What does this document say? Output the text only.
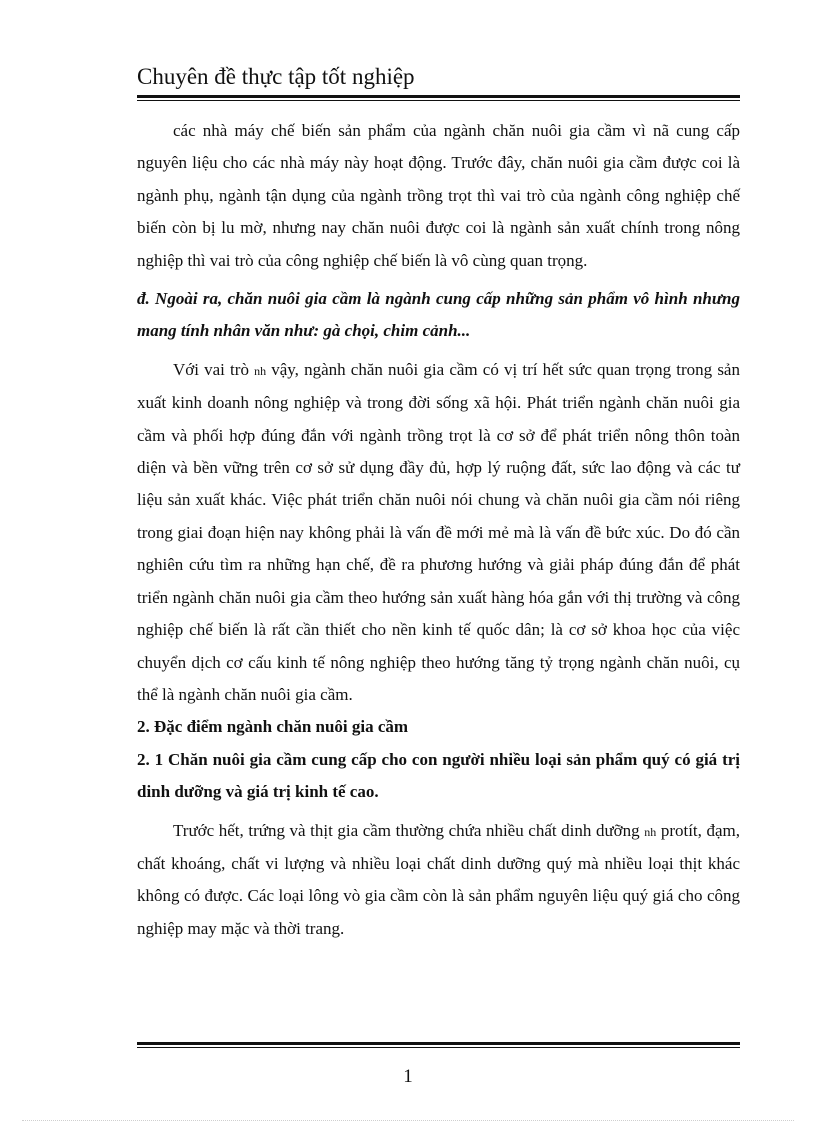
Chuyên đề thực tập tốt nghiệp

các nhà máy chế biến sản phẩm của ngành chăn nuôi gia cầm vì nã cung cấp nguyên liệu cho các nhà máy này hoạt động. Trước đây, chăn nuôi gia cầm được coi là ngành phụ, ngành tận dụng của ngành trồng trọt thì vai trò của ngành công nghiệp chế biến còn bị lu mờ, nhưng nay chăn nuôi được coi là ngành sản xuất chính trong nông nghiệp thì vai trò của công nghiệp chế biến là vô cùng quan trọng.

đ. Ngoài ra, chăn nuôi gia cầm là ngành cung cấp những sản phẩm vô hình nhưng mang tính nhân văn như: gà chọi, chim cảnh...

Với vai trò nh vậy, ngành chăn nuôi gia cầm có vị trí hết sức quan trọng trong sản xuất kinh doanh nông nghiệp và trong đời sống xã hội. Phát triển ngành chăn nuôi gia cầm và phối hợp đúng đắn với ngành trồng trọt là cơ sở để phát triển nông thôn toàn diện và bền vững trên cơ sở sử dụng đầy đủ, hợp lý ruộng đất, sức lao động và các tư liệu sản xuất khác. Việc phát triển chăn nuôi nói chung và chăn nuôi gia cầm nói riêng trong giai đoạn hiện nay không phải là vấn đề mới mẻ mà là vấn đề bức xúc. Do đó cần nghiên cứu tìm ra những hạn chế, đề ra phương hướng và giải pháp đúng đắn để phát triển ngành chăn nuôi gia cầm theo hướng sản xuất hàng hóa gắn với thị trường và công nghiệp chế biến là rất cần thiết cho nền kinh tế quốc dân; là cơ sở khoa học của việc chuyển dịch cơ cấu kinh tế nông nghiệp theo hướng tăng tỷ trọng ngành chăn nuôi, cụ thể là ngành chăn nuôi gia cầm.

2. Đặc điểm ngành chăn nuôi gia cầm

2. 1 Chăn nuôi gia cầm cung cấp cho con người nhiều loại sản phẩm quý có giá trị dinh dưỡng và giá trị kinh tế cao.

Trước hết, trứng và thịt gia cầm thường chứa nhiều chất dinh dưỡng nh protít, đạm, chất khoáng, chất vi lượng và nhiều loại chất dinh dưỡng quý mà nhiều loại thịt khác không có được. Các loại lông vò gia cầm còn là sản phẩm nguyên liệu quý giá cho công nghiệp may mặc và thời trang.

1
